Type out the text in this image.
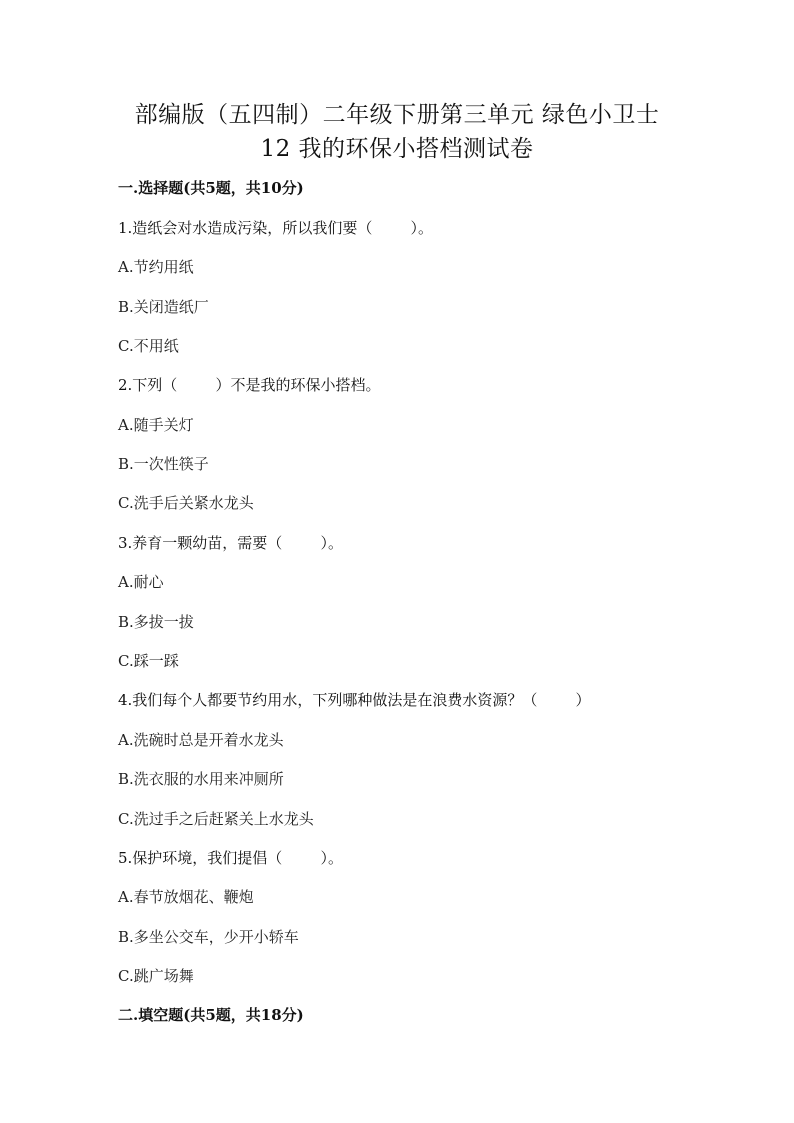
部编版（五四制）二年级下册第三单元 绿色小卫士
12 我的环保小搭档测试卷
一.选择题(共5题，共10分)
1.造纸会对水造成污染，所以我们要（        ）。
A.节约用纸
B.关闭造纸厂
C.不用纸
2.下列（        ）不是我的环保小搭档。
A.随手关灯
B.一次性筷子
C.洗手后关紧水龙头
3.养育一颗幼苗，需要（        ）。
A.耐心
B.多拔一拔
C.踩一踩
4.我们每个人都要节约用水，下列哪种做法是在浪费水资源？（        ）
A.洗碗时总是开着水龙头
B.洗衣服的水用来冲厕所
C.洗过手之后赶紧关上水龙头
5.保护环境，我们提倡（        ）。
A.春节放烟花、鞭炮
B.多坐公交车，少开小轿车
C.跳广场舞
二.填空题(共5题，共18分)
